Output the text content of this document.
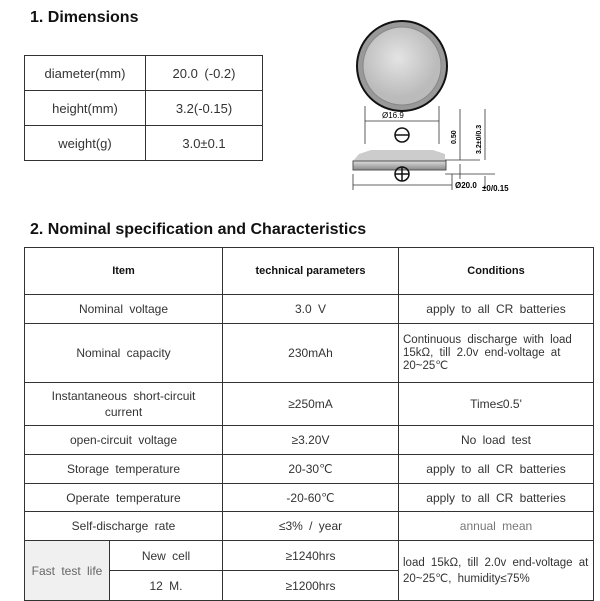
1. Dimensions
diameter(mm)	20.0 (-0.2)
height(mm)	3.2(-0.15)
weight(g)	3.0±0.1
Ø16.9
Ø20.0 ±0/0.15
0.50	3.2±0/0.3
2. Nominal specification and Characteristics
Item		technical parameters	Conditions
Nominal voltage		3.0 V	apply to all CR batteries
Nominal capacity		230mAh	Continuous discharge with load 15kΩ, till 2.0v end-voltage at 20~25℃
Instantaneous short-circuit current		≥250mA	Time≤0.5'
open-circuit voltage		≥3.20V	No load test
Storage temperature		20-30℃	apply to all CR batteries
Operate temperature		-20-60℃	apply to all CR batteries
Self-discharge rate		≤3% / year	annual mean
Fast test life	New cell	≥1240hrs	load 15kΩ, till 2.0v end-voltage at 20~25℃, humidity≤75%
	12 M.	≥1200hrs	
